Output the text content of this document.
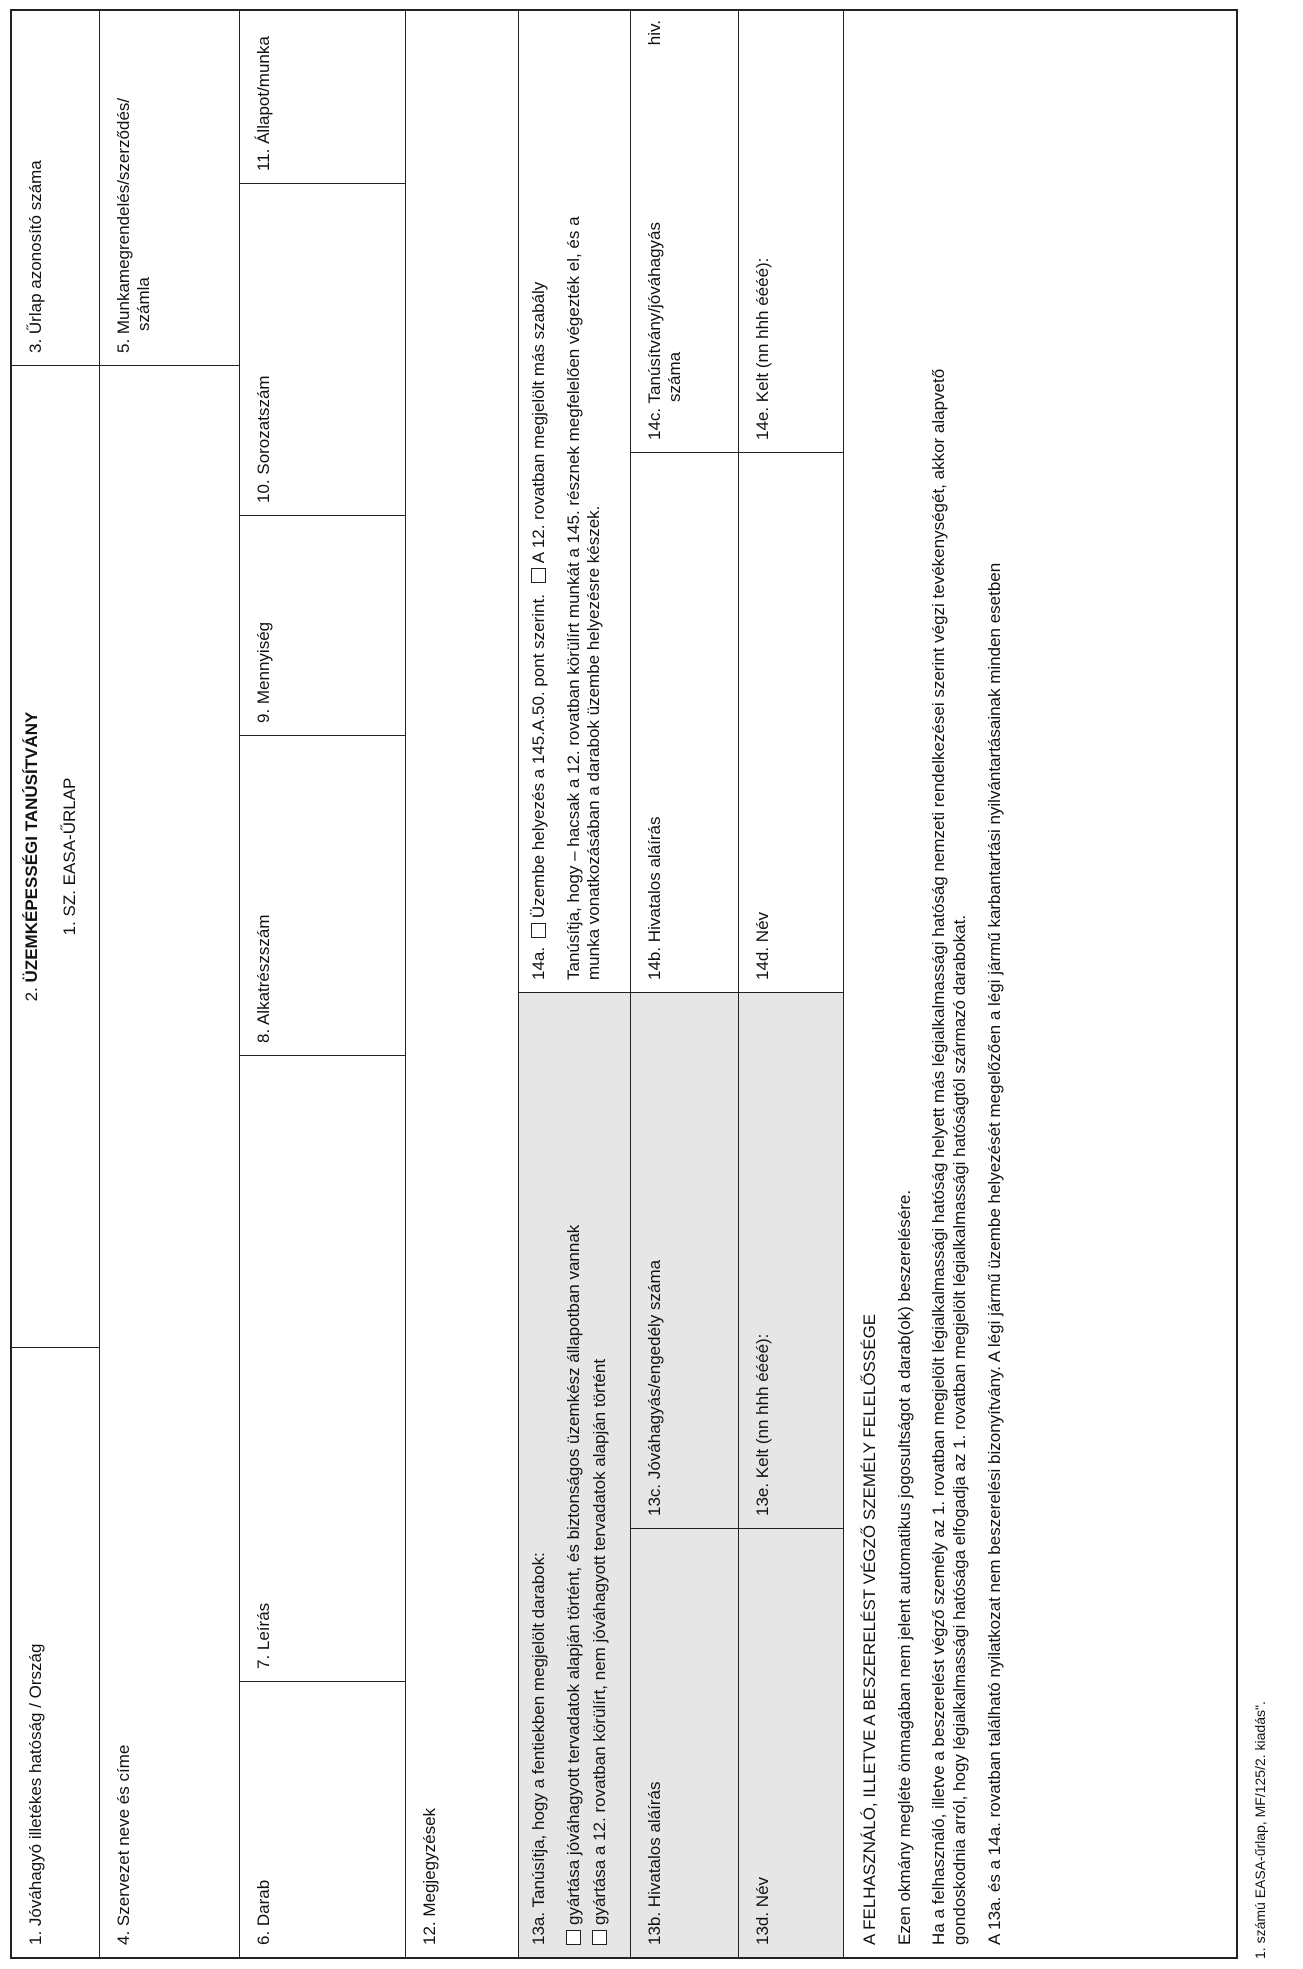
1. Jóváhagyó illetékes hatóság / Ország
2. ÜZEMKÉPESSÉGI TANÚSÍTVÁNY 1. SZ. EASA-ŰRLAP
3. Űrlap azonosító száma
4. Szervezet neve és címe
5. Munkamegrendelés/szerződés/ számla
6. Darab
7. Leírás
8. Alkatrészszám
9. Mennyiség
10. Sorozatszám
11. Állapot/munka
12. Megjegyzések	13a. Tanúsítja, hogy a fentiekben megjelölt darabok: gyártása jóváhagyott tervadatok alapján történt, és biztonságos üzemkész állapotban vannak gyártása a 12. rovatban körülírt, nem jóváhagyott tervadatok alapján történt

14a. Üzembe helyezés a 145.A.50. pont szerint. A 12. rovatban megjelölt más szabály Tanúsítja, hogy – hacsak a 12. rovatban körülírt munkát a 145. résznek megfelelően végezték el, és a munka vonatkozásában a darabok üzembe helyezésre készek.

13b. Hivatalos aláírás
13c. Jóváhagyás/engedély száma
14b. Hivatalos aláírás
14c. Tanúsítvány/jóváhagyás
hiv.
száma
13d. Név
13e. Kelt (nn hhh éééé):
14d. Név
14e. Kelt (nn hhh éééé):

A FELHASZNÁLÓ, ILLETVE A BESZERELÉST VÉGZŐ SZEMÉLY FELELŐSSÉGE Ezen okmány megléte önmagában nem jelent automatikus jogosultságot a darab(ok) beszerelésére. Ha a felhasználó, illetve a beszerelést végző személy az 1. rovatban megjelölt légialkalmassági hatóság helyett más légialkalmassági hatóság nemzeti rendelkezései szerint végzi tevékenységét, akkor alapvető gondoskodnia arról, hogy légialkalmassági hatósága elfogadja az 1. rovatban megjelölt légialkalmassági hatóságtól származó darabokat. A 13a. és a 14a. rovatban található nyilatkozat nem beszerelési bizonyítvány. A légi jármű üzembe helyezését megelőzően a légi jármű karbantartási nyilvántartásainak minden esetben	1. számú EASA-űrlap, MF/125/2. kiadás".
